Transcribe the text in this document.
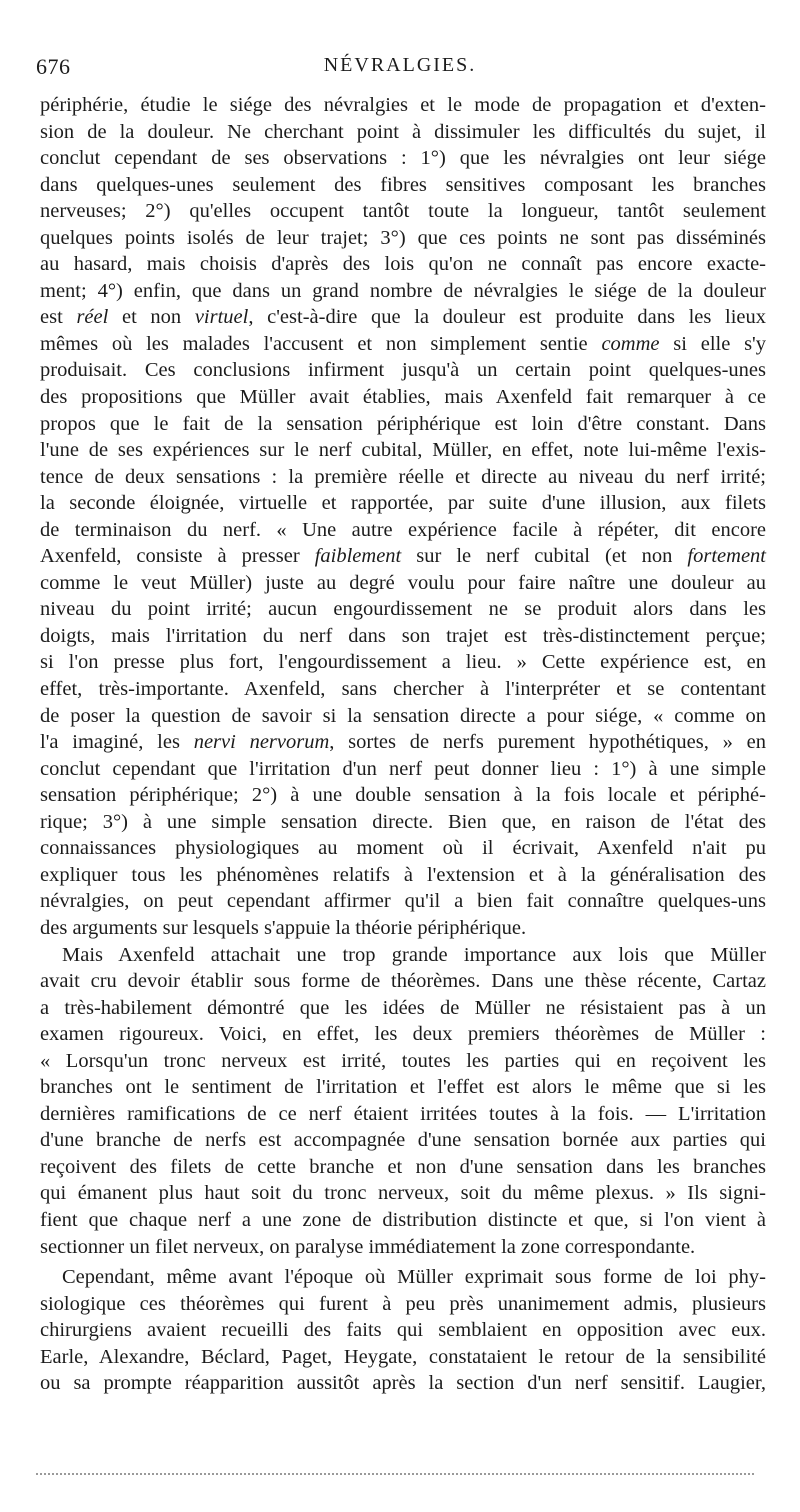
676	NÉVRALGIES.
périphérie, étudie le siége des névralgies et le mode de propagation et d'exten-
sion de la douleur. Ne cherchant point à dissimuler les difficultés du sujet, il
conclut cependant de ses observations : 1°) que les névralgies ont leur siége
dans quelques-unes seulement des fibres sensitives composant les branches
nerveuses; 2°) qu'elles occupent tantôt toute la longueur, tantôt seulement
quelques points isolés de leur trajet; 3°) que ces points ne sont pas disséminés
au hasard, mais choisis d'après des lois qu'on ne connaît pas encore exacte-
ment; 4°) enfin, que dans un grand nombre de névralgies le siége de la douleur
est réel et non virtuel, c'est-à-dire que la douleur est produite dans les lieux
mêmes où les malades l'accusent et non simplement sentie comme si elle s'y
produisait. Ces conclusions infirment jusqu'à un certain point quelques-unes
des propositions que Müller avait établies, mais Axenfeld fait remarquer à ce
propos que le fait de la sensation périphérique est loin d'être constant. Dans
l'une de ses expériences sur le nerf cubital, Müller, en effet, note lui-même l'exis-
tence de deux sensations : la première réelle et directe au niveau du nerf irrité;
la seconde éloignée, virtuelle et rapportée, par suite d'une illusion, aux filets
de terminaison du nerf. « Une autre expérience facile à répéter, dit encore
Axenfeld, consiste à presser faiblement sur le nerf cubital (et non fortement
comme le veut Müller) juste au degré voulu pour faire naître une douleur au
niveau du point irrité; aucun engourdissement ne se produit alors dans les
doigts, mais l'irritation du nerf dans son trajet est très-distinctement perçue;
si l'on presse plus fort, l'engourdissement a lieu. » Cette expérience est, en
effet, très-importante. Axenfeld, sans chercher à l'interpréter et se contentant
de poser la question de savoir si la sensation directe a pour siége, « comme on
l'a imaginé, les nervi nervorum, sortes de nerfs purement hypothétiques, » en
conclut cependant que l'irritation d'un nerf peut donner lieu : 1°) à une simple
sensation périphérique; 2°) à une double sensation à la fois locale et périphé-
rique; 3°) à une simple sensation directe. Bien que, en raison de l'état des
connaissances physiologiques au moment où il écrivait, Axenfeld n'ait pu
expliquer tous les phénomènes relatifs à l'extension et à la généralisation des
névralgies, on peut cependant affirmer qu'il a bien fait connaître quelques-uns
des arguments sur lesquels s'appuie la théorie périphérique.
Mais Axenfeld attachait une trop grande importance aux lois que Müller
avait cru devoir établir sous forme de théorèmes. Dans une thèse récente, Cartaz
a très-habilement démontré que les idées de Müller ne résistaient pas à un
examen rigoureux. Voici, en effet, les deux premiers théorèmes de Müller :
« Lorsqu'un tronc nerveux est irrité, toutes les parties qui en reçoivent les
branches ont le sentiment de l'irritation et l'effet est alors le même que si les
dernières ramifications de ce nerf étaient irritées toutes à la fois. — L'irritation
d'une branche de nerfs est accompagnée d'une sensation bornée aux parties qui
reçoivent des filets de cette branche et non d'une sensation dans les branches
qui émanent plus haut soit du tronc nerveux, soit du même plexus. » Ils signi-
fient que chaque nerf a une zone de distribution distincte et que, si l'on vient à
sectionner un filet nerveux, on paralyse immédiatement la zone correspondante.
Cependant, même avant l'époque où Müller exprimait sous forme de loi phy-
siologique ces théorèmes qui furent à peu près unanimement admis, plusieurs
chirurgiens avaient recueilli des faits qui semblaient en opposition avec eux.
Earle, Alexandre, Béclard, Paget, Heygate, constataient le retour de la sensibilité
ou sa prompte réapparition aussitôt après la section d'un nerf sensitif. Laugier,
